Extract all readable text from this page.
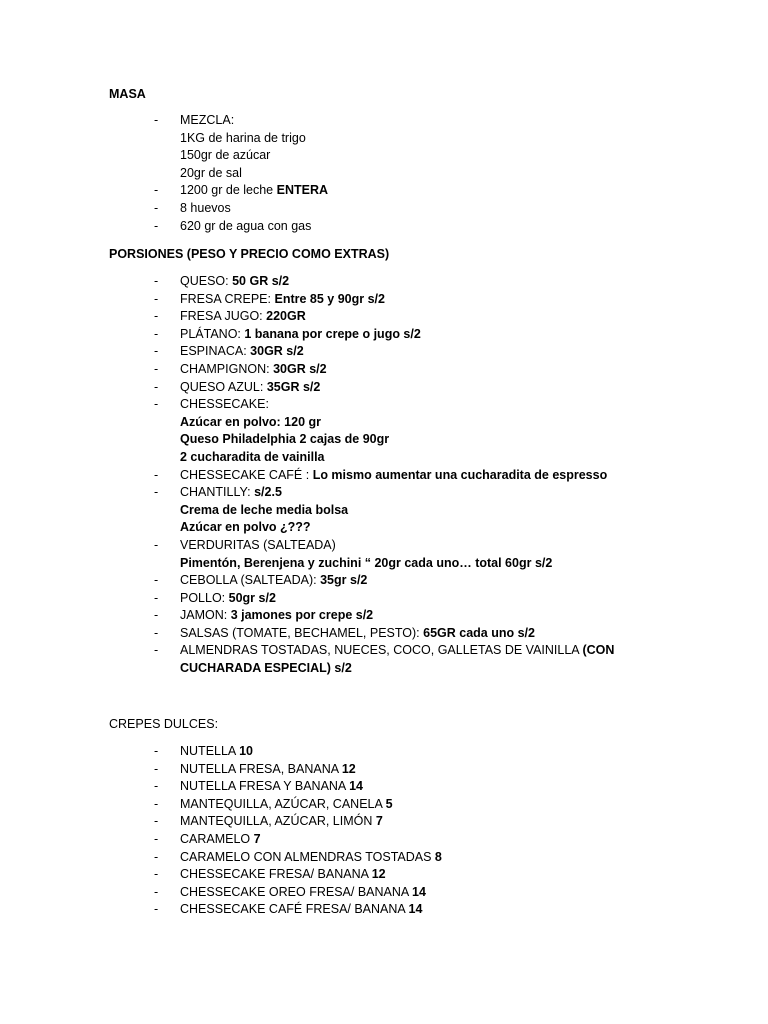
MASA
-	MEZCLA:
1KG de harina de trigo
150gr de azúcar
20gr de sal
-	1200 gr de leche ENTERA
-	8 huevos
-	620 gr de agua con gas
PORSIONES (PESO Y PRECIO COMO EXTRAS)
-	QUESO: 50 GR s/2
-	FRESA CREPE: Entre 85 y 90gr s/2
-	FRESA JUGO: 220GR
-	PLÁTANO: 1 banana por crepe o jugo s/2
-	ESPINACA: 30GR s/2
-	CHAMPIGNON: 30GR s/2
-	QUESO AZUL: 35GR s/2
-	CHESSECAKE:
Azúcar en polvo: 120 gr
Queso Philadelphia 2 cajas de 90gr
2 cucharadita de vainilla
-	CHESSECAKE CAFÉ : Lo mismo aumentar una cucharadita de espresso
-	CHANTILLY: s/2.5
Crema de leche media bolsa
Azúcar en polvo ¿???
-	VERDURITAS (SALTEADA)
Pimentón, Berenjena y zuchini “ 20gr cada uno… total 60gr s/2
-	CEBOLLA (SALTEADA): 35gr s/2
-	POLLO: 50gr s/2
-	JAMON: 3 jamones por crepe s/2
-	SALSAS (TOMATE, BECHAMEL, PESTO): 65GR cada uno s/2
-	ALMENDRAS TOSTADAS, NUECES, COCO, GALLETAS DE VAINILLA (CON
CUCHARADA ESPECIAL) s/2
CREPES DULCES:
-	NUTELLA 10
-	NUTELLA FRESA, BANANA 12
-	NUTELLA FRESA Y BANANA 14
-	MANTEQUILLA, AZÚCAR, CANELA 5
-	MANTEQUILLA, AZÚCAR, LIMÓN 7
-	CARAMELO 7
-	CARAMELO CON ALMENDRAS TOSTADAS 8
-	CHESSECAKE FRESA/ BANANA 12
-	CHESSECAKE OREO FRESA/ BANANA 14
-	CHESSECAKE CAFÉ FRESA/ BANANA 14
